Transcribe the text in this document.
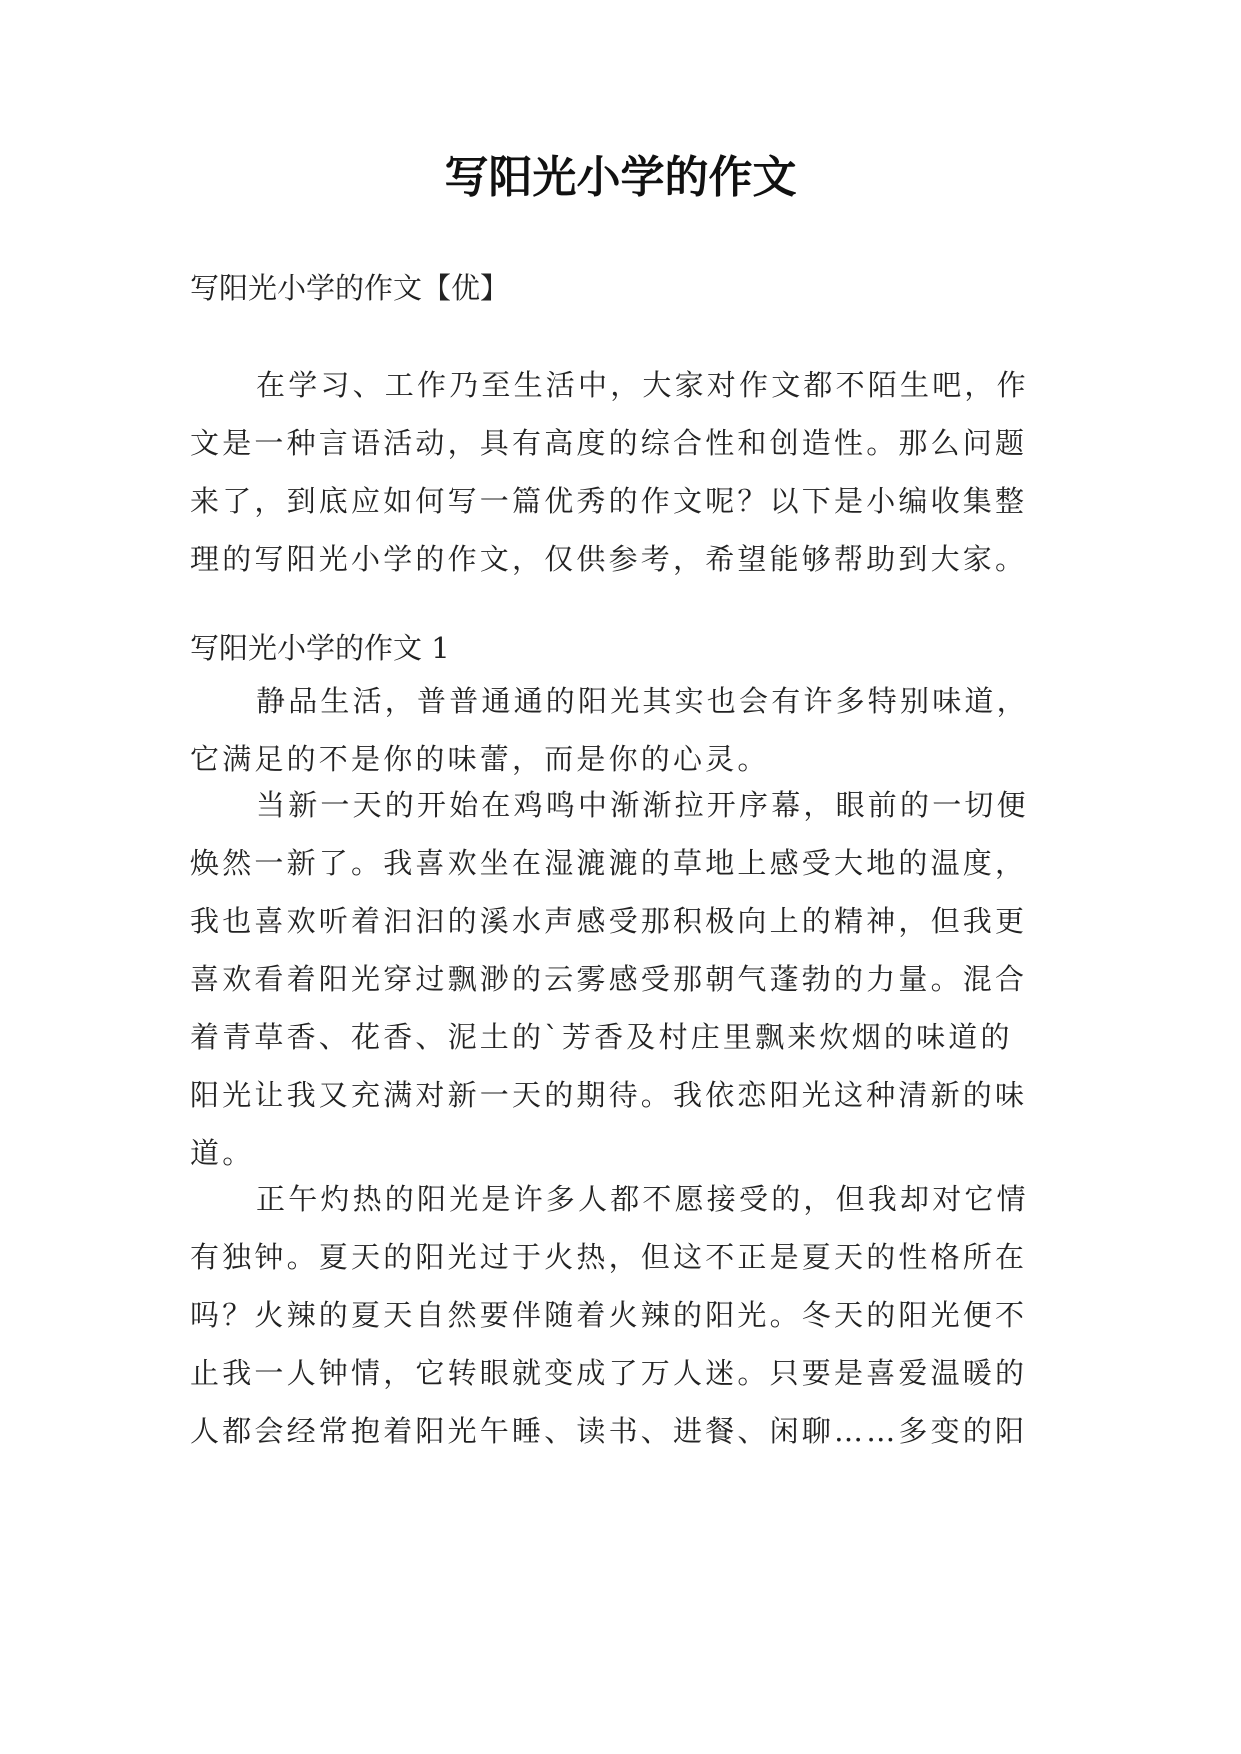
写阳光小学的作文
写阳光小学的作文【优】
在学习、工作乃至生活中，大家对作文都不陌生吧，作
文是一种言语活动，具有高度的综合性和创造性。那么问题
来了，到底应如何写一篇优秀的作文呢？以下是小编收集整
理的写阳光小学的作文，仅供参考，希望能够帮助到大家。
写阳光小学的作文 1
静品生活，普普通通的阳光其实也会有许多特别味道，
它满足的不是你的味蕾，而是你的心灵。
当新一天的开始在鸡鸣中渐渐拉开序幕，眼前的一切便
焕然一新了。我喜欢坐在湿漉漉的草地上感受大地的温度，
我也喜欢听着汩汩的溪水声感受那积极向上的精神，但我更
喜欢看着阳光穿过飘渺的云雾感受那朝气蓬勃的力量。混合
着青草香、花香、泥土的`芳香及村庄里飘来炊烟的味道的
阳光让我又充满对新一天的期待。我依恋阳光这种清新的味
道。
正午灼热的阳光是许多人都不愿接受的，但我却对它情
有独钟。夏天的阳光过于火热，但这不正是夏天的性格所在
吗？火辣的夏天自然要伴随着火辣的阳光。冬天的阳光便不
止我一人钟情，它转眼就变成了万人迷。只要是喜爱温暖的
人都会经常抱着阳光午睡、读书、进餐、闲聊……多变的阳
